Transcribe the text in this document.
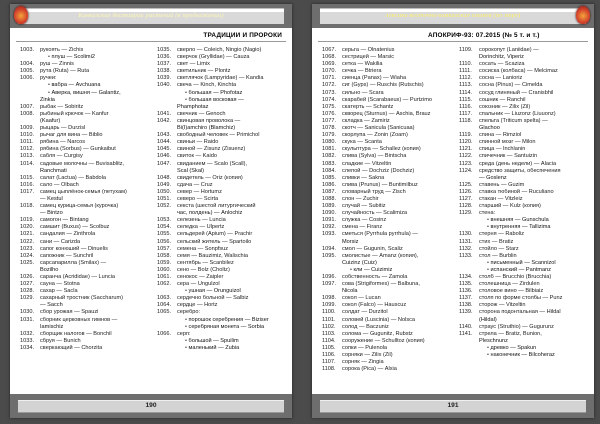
Кавказские бестиарии растений (в продолжении)
ТРАДИЦИИ И ПРОРОКИ
1003. рукоять — Zichis
• плуш — Scolimi2
1004. руш — Zinnis
1005. рута (Ruta) — Ruta
1006. ручеи:
• вабра — Avchuana
• Аверка, вишня — Galantiz,
Zinkia
1007. рыбак — Sobiritz
1008. рыбиный крючок — Kanfur
(Kaafur)
1009. рыцарь — Durzisl
1010. рычаг для вина — Biblio
1011. рябина — Narcos
1012. рябина (Sorbus) — Gunkaibut
1013. сабля — Curgisy
1014. садовые молочны — Buvisablitz,
Ranchmati
1015. салат (Lactua) — Babdola
1016. сало — Olbach
1017. самец цыплёнок-семья (петухам)
— Kestul
1018. самец курица-семья (курочка)
— Bintzo
1019. самогон — Bintang
1020. самшит (Buxus) — Scolbuz
1021. сандалия — Zinthrola
1022. сани — Carizda
1023. сапог конюший — Dinuelis
1024. сапожник — Sunchril
1025. сарсапарилла (Smilax) —
Bozilho
1026. саранча (Acrididae) — Luncia
1027. сауна — Stotna
1028. сахар — Sacla
1029. сахарный тростник (Saccharum)
— Sacch
1030. сбор урожая — Spauzi
1031. сборник церковных гимнов —
Iamischiz
1032. сборщик налогов — Bonchil
1033. сбруя — Bunich
1034. сверкающий — Chorzita
1035. сверло — Coleich, Ningio (Nagio)
1036. сверчок (Gryllidae) — Cauza
1037. свет — Limix
1038. светильник — Plontz
1039. светлячок (Lampyridae) — Kandia
1040. свеча — Kinch, Kinchta
• большая — Phofotaz
• большая восковая —
Phamphotaz
1041. свечник — Genoch
1042. свинцовая проволока —
Bi(I)amchiro (Blamchiz)
1043. свободный человек — Primichol
1044. свиньи — Raido
1045. свиной — Zisunz (Zisuenz)
1046. свиток — Kaido
1047. свиданием — Scalo (Scall),
Scal (Skal)
1048. свидетель — Oriz (копия)
1049. сдача — Cruz
1050. север — Hortumz
1051. северо — Scirta
1052. секста (шестой литургический
час, полдень) — Anlochiz
1053. селезень — Luncia
1054. селедка — Ulpertz
1055. сельдерей (Apium) — Prachir
1056. сельский житель — Spartoilo
1057. семена — Sonpfsuz
1058. семя — Bauzimiz, Walischia
1059. сентябрь — Scanbilez
1060. сено — Bolz (Choltz)
1061. сенокос — Zaipler
1062. сера — Ungulzol
• ушная — Orunguizol
1063. сердечно больной — Salbiz
1064. сердце — Hortz
1065. серебро:
• порошок серебрения — Biziser
• серебряная монета — Sorbia
1066. серп:
• большой — Spuilim
• маленький — Zubia
190
лексика восточно-кавказских языков (по мере)
АПОКРИФ-93: 07.2015 (№ 5 т. и т.)
1067. серьга — Olnatenius
1068. сестрицей — Marsic
1069. сетка — Wakilia
1070. сечка — Btriera
1071. сиенца (Panax) — Wiaha
1072. сиг (Gyps) — Ruschis (Rutschis)
1073. сильно — Scara
1074. скарабей (Scarabaeus) — Purtzimo
1075. скатерть — Schantz
1076. скворец (Sturnus) — Aschia, Brauz
1077. складка — Zamiriz
1078. скотч — Sanicula (Sanicuaa)
1079. скорлупа — Zonin (Zoam)
1080. скука — Scanta
1081. скульптура — Schallez (копия)
1082. слива (Sylva) — Bintscha
1083. сладкие — Vitzeltin
1084. слепой — Dochziz (Dochziz)
1085. сливки — Sakna
1086. слива (Prunus) — Buntimilbuz
1087. словарный труд — Zisch
1088. слон — Zuchir
1089. случай — Subitiz
1090. случайность — Scalimiza
1091. служка — Cosinz
1092. смена — Firanz
1093. сметься (Pyrrhula pyrrhula) —
Morsiz
1094. смол — Gugunin, Scaliz
1095. смолистые — Amanz (копия),
Cuizinz (Cuiz)
• кли — Cuizimiz
1096. собственность — Zamola
1097. сова (Strigiformes) — Balbuna,
Nicola
1098. сокол — Lucan
1099. сокол (Falco) — Hauscuz
1100. солдат — Durzitol
1101. соловей (Luscinia) — Nolsca
1102. солод — Baczuniz
1103. солома — Gugunitz, Rubstz
1104. сооружение — Schulltoz (копия)
1105. сопки — Pulenola
1106. сорняки — Zilix (Zil)
1107. сорняк — Zingia
1108. сорока (Pica) — Alxia
1109. сорокопут (Laniidae) —
Dorinchitz, Viperiz
1110. сосать — Scaziza
1111. сосиска (колбаса) — Melcimaz
1112. сосна — Lanioriz
1113. сосна (Pinus) — Cimelda
1114. сосуд глиняный — Cranisbhil
1115. сошник — Ranchil
1116. союзник — Zilix (Zil)
1117. спальник — Liuzonz (Liuuonz)
1118. спельта (Triticum spelta) —
Glachoo
1119. спина — Rimziol
1120. спинной мозг — Milon
1121. спица — Inchlanin
1122. спичечник — Santuizin
1123. среда (день недели) — Alacia
1124. средство защиты, обеспечения
— Goslenz
1125. ставень — Guzim
1126. ставка тюбиной — Ruculiano
1127. стакан — Vitzleiz
1128. старший — Kulz (копия)
1129. стена:
• внешняя — Gunschula
• внутренняя — Tallizima
1130. стерня — Raboliz
1131. стих — Bratiz
1132. стойло — Starz
1133. стол — Burblin
• письменный — Scannizol
• испанский — Pantmanz
1134. столб — Brucchio (Brucchia)
1135. столешница — Zirdulen
1136. столовое вино — Bilbiaiz
1137. столп по форме столбы — Punz
1138. сторож — Vitzeltin
1139. сторона подонтальная — Hildal
(Hildal)
1140. страус (Struthio) — Gugurunz
1141. стрела — Bratiz, Bunion,
Pleschnunz
• древко — Spakun
• наконечник — Bilcoheraz
191
